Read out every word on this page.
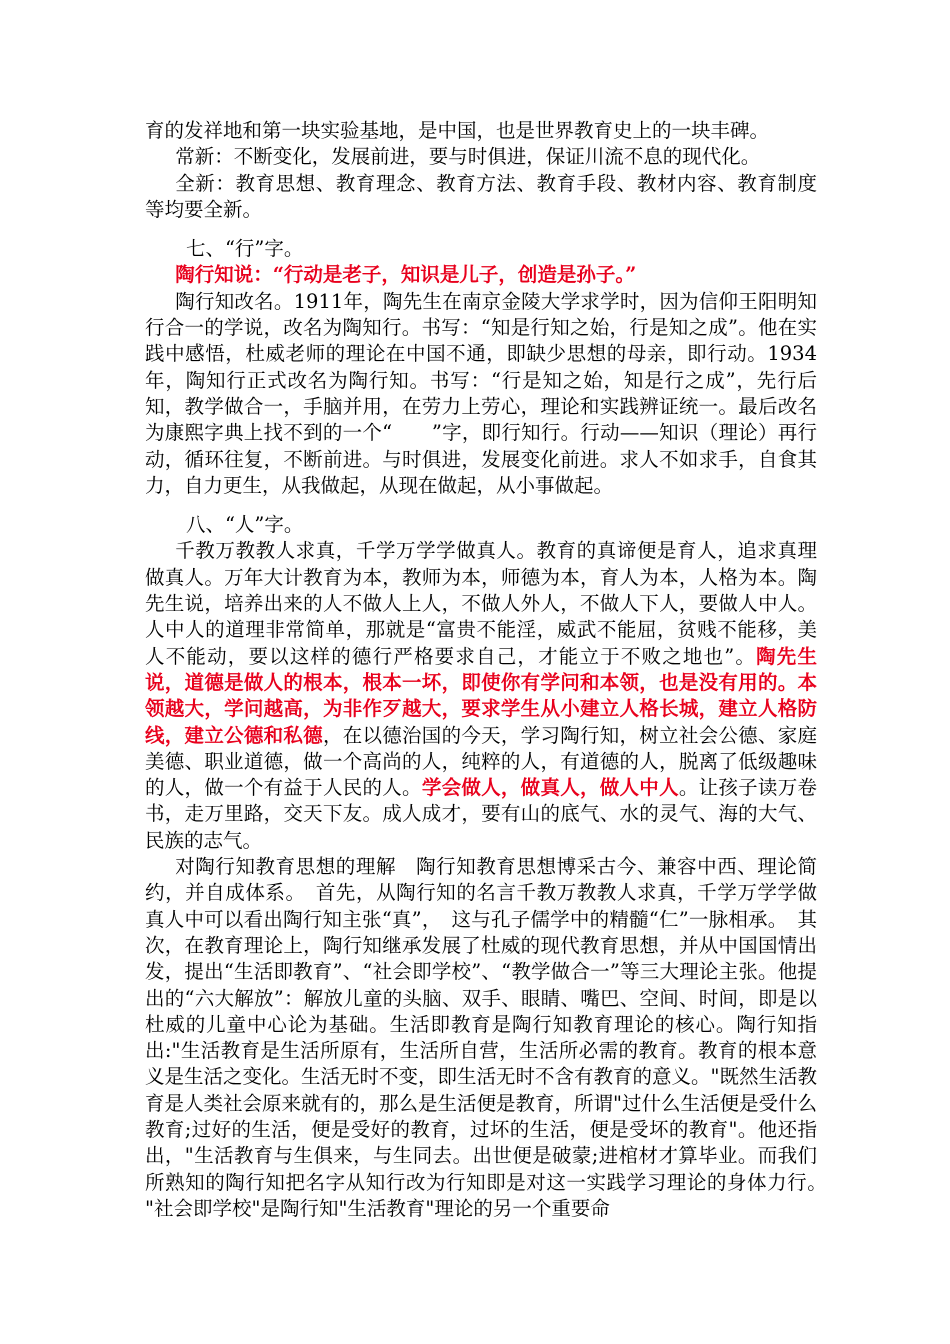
育的发祥地和第一块实验基地，是中国，也是世界教育史上的一块丰碑。

常新：不断变化，发展前进，要与时俱进，保证川流不息的现代化。

全新：教育思想、教育理念、教育方法、教育手段、教材内容、教育制度等均要全新。

七、“行”字。

陶行知说：“行动是老子，知识是儿子，创造是孙子。”

陶行知改名。1911年，陶先生在南京金陵大学求学时，因为信仰王阳明知行合一的学说，改名为陶知行。书写：“知是行知之始，行是知之成”。他在实践中感悟，杜威老师的理论在中国不通，即缺少思想的母亲，即行动。1934年，陶知行正式改名为陶行知。书写：“行是知之始，知是行之成”，先行后知，教学做合一，手脑并用，在劳力上劳心，理论和实践辨证统一。最后改名为康熙字典上找不到的一个“　　”字，即行知行。行动——知识（理论）再行动，循环往复，不断前进。与时俱进，发展变化前进。求人不如求手，自食其力，自力更生，从我做起，从现在做起，从小事做起。

八、“人”字。

千教万教教人求真，千学万学学做真人。教育的真谛便是育人，追求真理做真人。万年大计教育为本，教师为本，师德为本，育人为本，人格为本。陶先生说，培养出来的人不做人上人，不做人外人，不做人下人，要做人中人。人中人的道理非常简单，那就是“富贵不能淫，威武不能屈，贫贱不能移，美人不能动，要以这样的德行严格要求自己，才能立于不败之地也”。陶先生说，道德是做人的根本，根本一坏，即使你有学问和本领，也是没有用的。本领越大，学问越高，为非作歹越大，要求学生从小建立人格长城，建立人格防线，建立公德和私德，在以德治国的今天，学习陶行知，树立社会公德、家庭美德、职业道德，做一个高尚的人，纯粹的人，有道德的人，脱离了低级趣味的人，做一个有益于人民的人。学会做人，做真人，做人中人。让孩子读万卷书，走万里路，交天下友。成人成才，要有山的底气、水的灵气、海的大气、民族的志气。

对陶行知教育思想的理解　陶行知教育思想博采古今、兼容中西、理论简约，并自成体系。　首先，从陶行知的名言千教万教教人求真，千学万学学做真人中可以看出陶行知主张“真”，　这与孔子儒学中的精髓“仁”一脉相承。　其次，在教育理论上，陶行知继承发展了杜威的现代教育思想，并从中国国情出发，提出“生活即教育”、“社会即学校”、“教学做合一”等三大理论主张。他提出的“六大解放”：解放儿童的头脑、双手、眼睛、嘴巴、空间、时间，即是以杜威的儿童中心论为基础。生活即教育是陶行知教育理论的核心。陶行知指出:"生活教育是生活所原有，生活所自营，生活所必需的教育。教育的根本意义是生活之变化。生活无时不变，即生活无时不含有教育的意义。"既然生活教育是人类社会原来就有的，那么是生活便是教育，所谓"过什么生活便是受什么教育;过好的生活，便是受好的教育，过坏的生活，便是受坏的教育"。他还指出，"生活教育与生俱来，与生同去。出世便是破蒙;进棺材才算毕业。而我们所熟知的陶行知把名字从知行改为行知即是对这一实践学习理论的身体力行。　"社会即学校"是陶行知"生活教育"理论的另一个重要命
